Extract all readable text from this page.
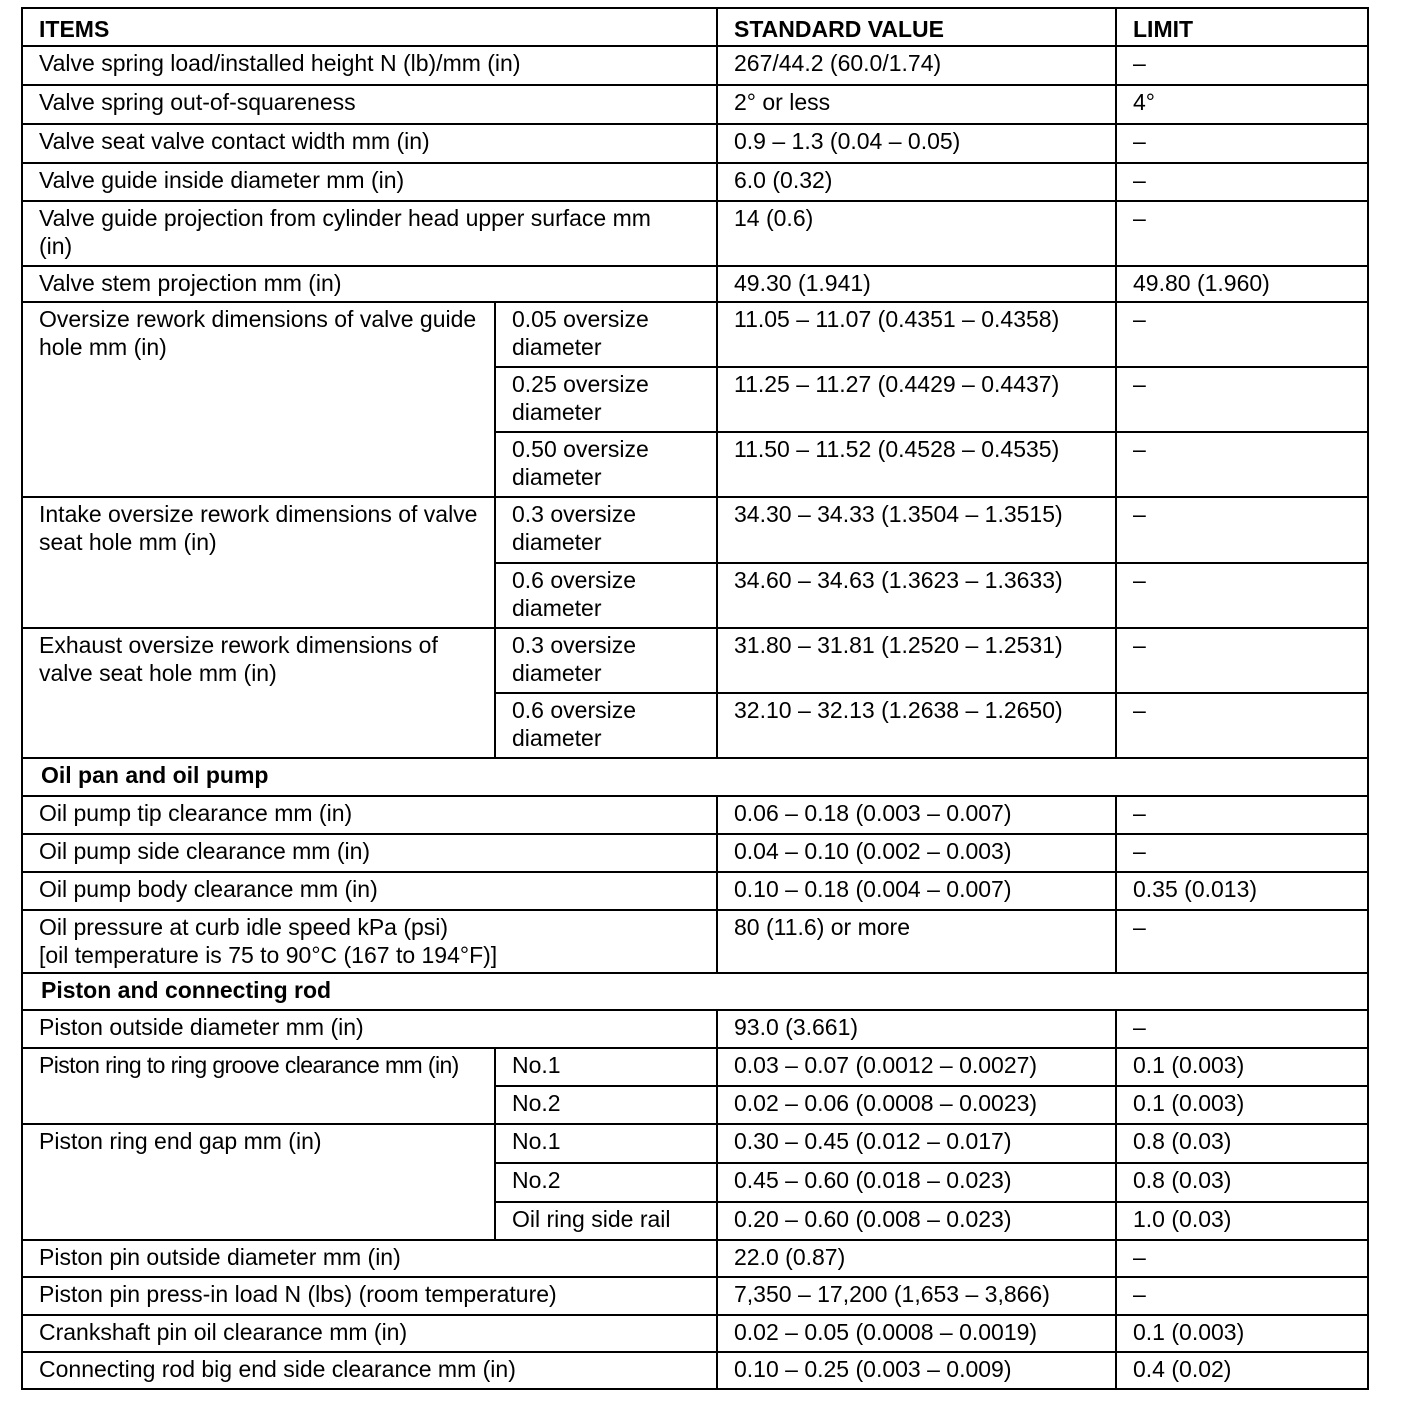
ITEMS		STANDARD VALUE	LIMIT
Valve spring load/installed height N (lb)/mm (in)		267/44.2 (60.0/1.74)	–
Valve spring out-of-squareness		2° or less	4°
Valve seat valve contact width mm (in)		0.9 – 1.3 (0.04 – 0.05)	–
Valve guide inside diameter mm (in)		6.0 (0.32)	–
Valve guide projection from cylinder head upper surface mm (in)		14 (0.6)	–
Valve stem projection mm (in)		49.30 (1.941)	49.80 (1.960)
Oversize rework dimensions of valve guide hole mm (in)	0.05 oversize diameter	11.05 – 11.07 (0.4351 – 0.4358)	–
	0.25 oversize diameter	11.25 – 11.27 (0.4429 – 0.4437)	–
	0.50 oversize diameter	11.50 – 11.52 (0.4528 – 0.4535)	–
Intake oversize rework dimensions of valve seat hole mm (in)	0.3 oversize diameter	34.30 – 34.33 (1.3504 – 1.3515)	–
	0.6 oversize diameter	34.60 – 34.63 (1.3623 – 1.3633)	–
Exhaust oversize rework dimensions of valve seat hole mm (in)	0.3 oversize diameter	31.80 – 31.81 (1.2520 – 1.2531)	–
	0.6 oversize diameter	32.10 – 32.13 (1.2638 – 1.2650)	–
Oil pan and oil pump			
Oil pump tip clearance mm (in)		0.06 – 0.18 (0.003 – 0.007)	–
Oil pump side clearance mm (in)		0.04 – 0.10 (0.002 – 0.003)	–
Oil pump body clearance mm (in)		0.10 – 0.18 (0.004 – 0.007)	0.35 (0.013)
Oil pressure at curb idle speed kPa (psi)
[oil temperature is 75 to 90°C (167 to 194°F)]		80 (11.6) or more	–
Piston and connecting rod			
Piston outside diameter mm (in)		93.0 (3.661)	–
Piston ring to ring groove clearance mm (in)	No.1	0.03 – 0.07 (0.0012 – 0.0027)	0.1 (0.003)
	No.2	0.02 – 0.06 (0.0008 – 0.0023)	0.1 (0.003)
Piston ring end gap mm (in)	No.1	0.30 – 0.45 (0.012 – 0.017)	0.8 (0.03)
	No.2	0.45 – 0.60 (0.018 – 0.023)	0.8 (0.03)
	Oil ring side rail	0.20 – 0.60 (0.008 – 0.023)	1.0 (0.03)
Piston pin outside diameter mm (in)		22.0 (0.87)	–
Piston pin press-in load N (lbs) (room temperature)		7,350 – 17,200 (1,653 – 3,866)	–
Crankshaft pin oil clearance mm (in)		0.02 – 0.05 (0.0008 – 0.0019)	0.1 (0.003)
Connecting rod big end side clearance mm (in)		0.10 – 0.25 (0.003 – 0.009)	0.4 (0.02)
